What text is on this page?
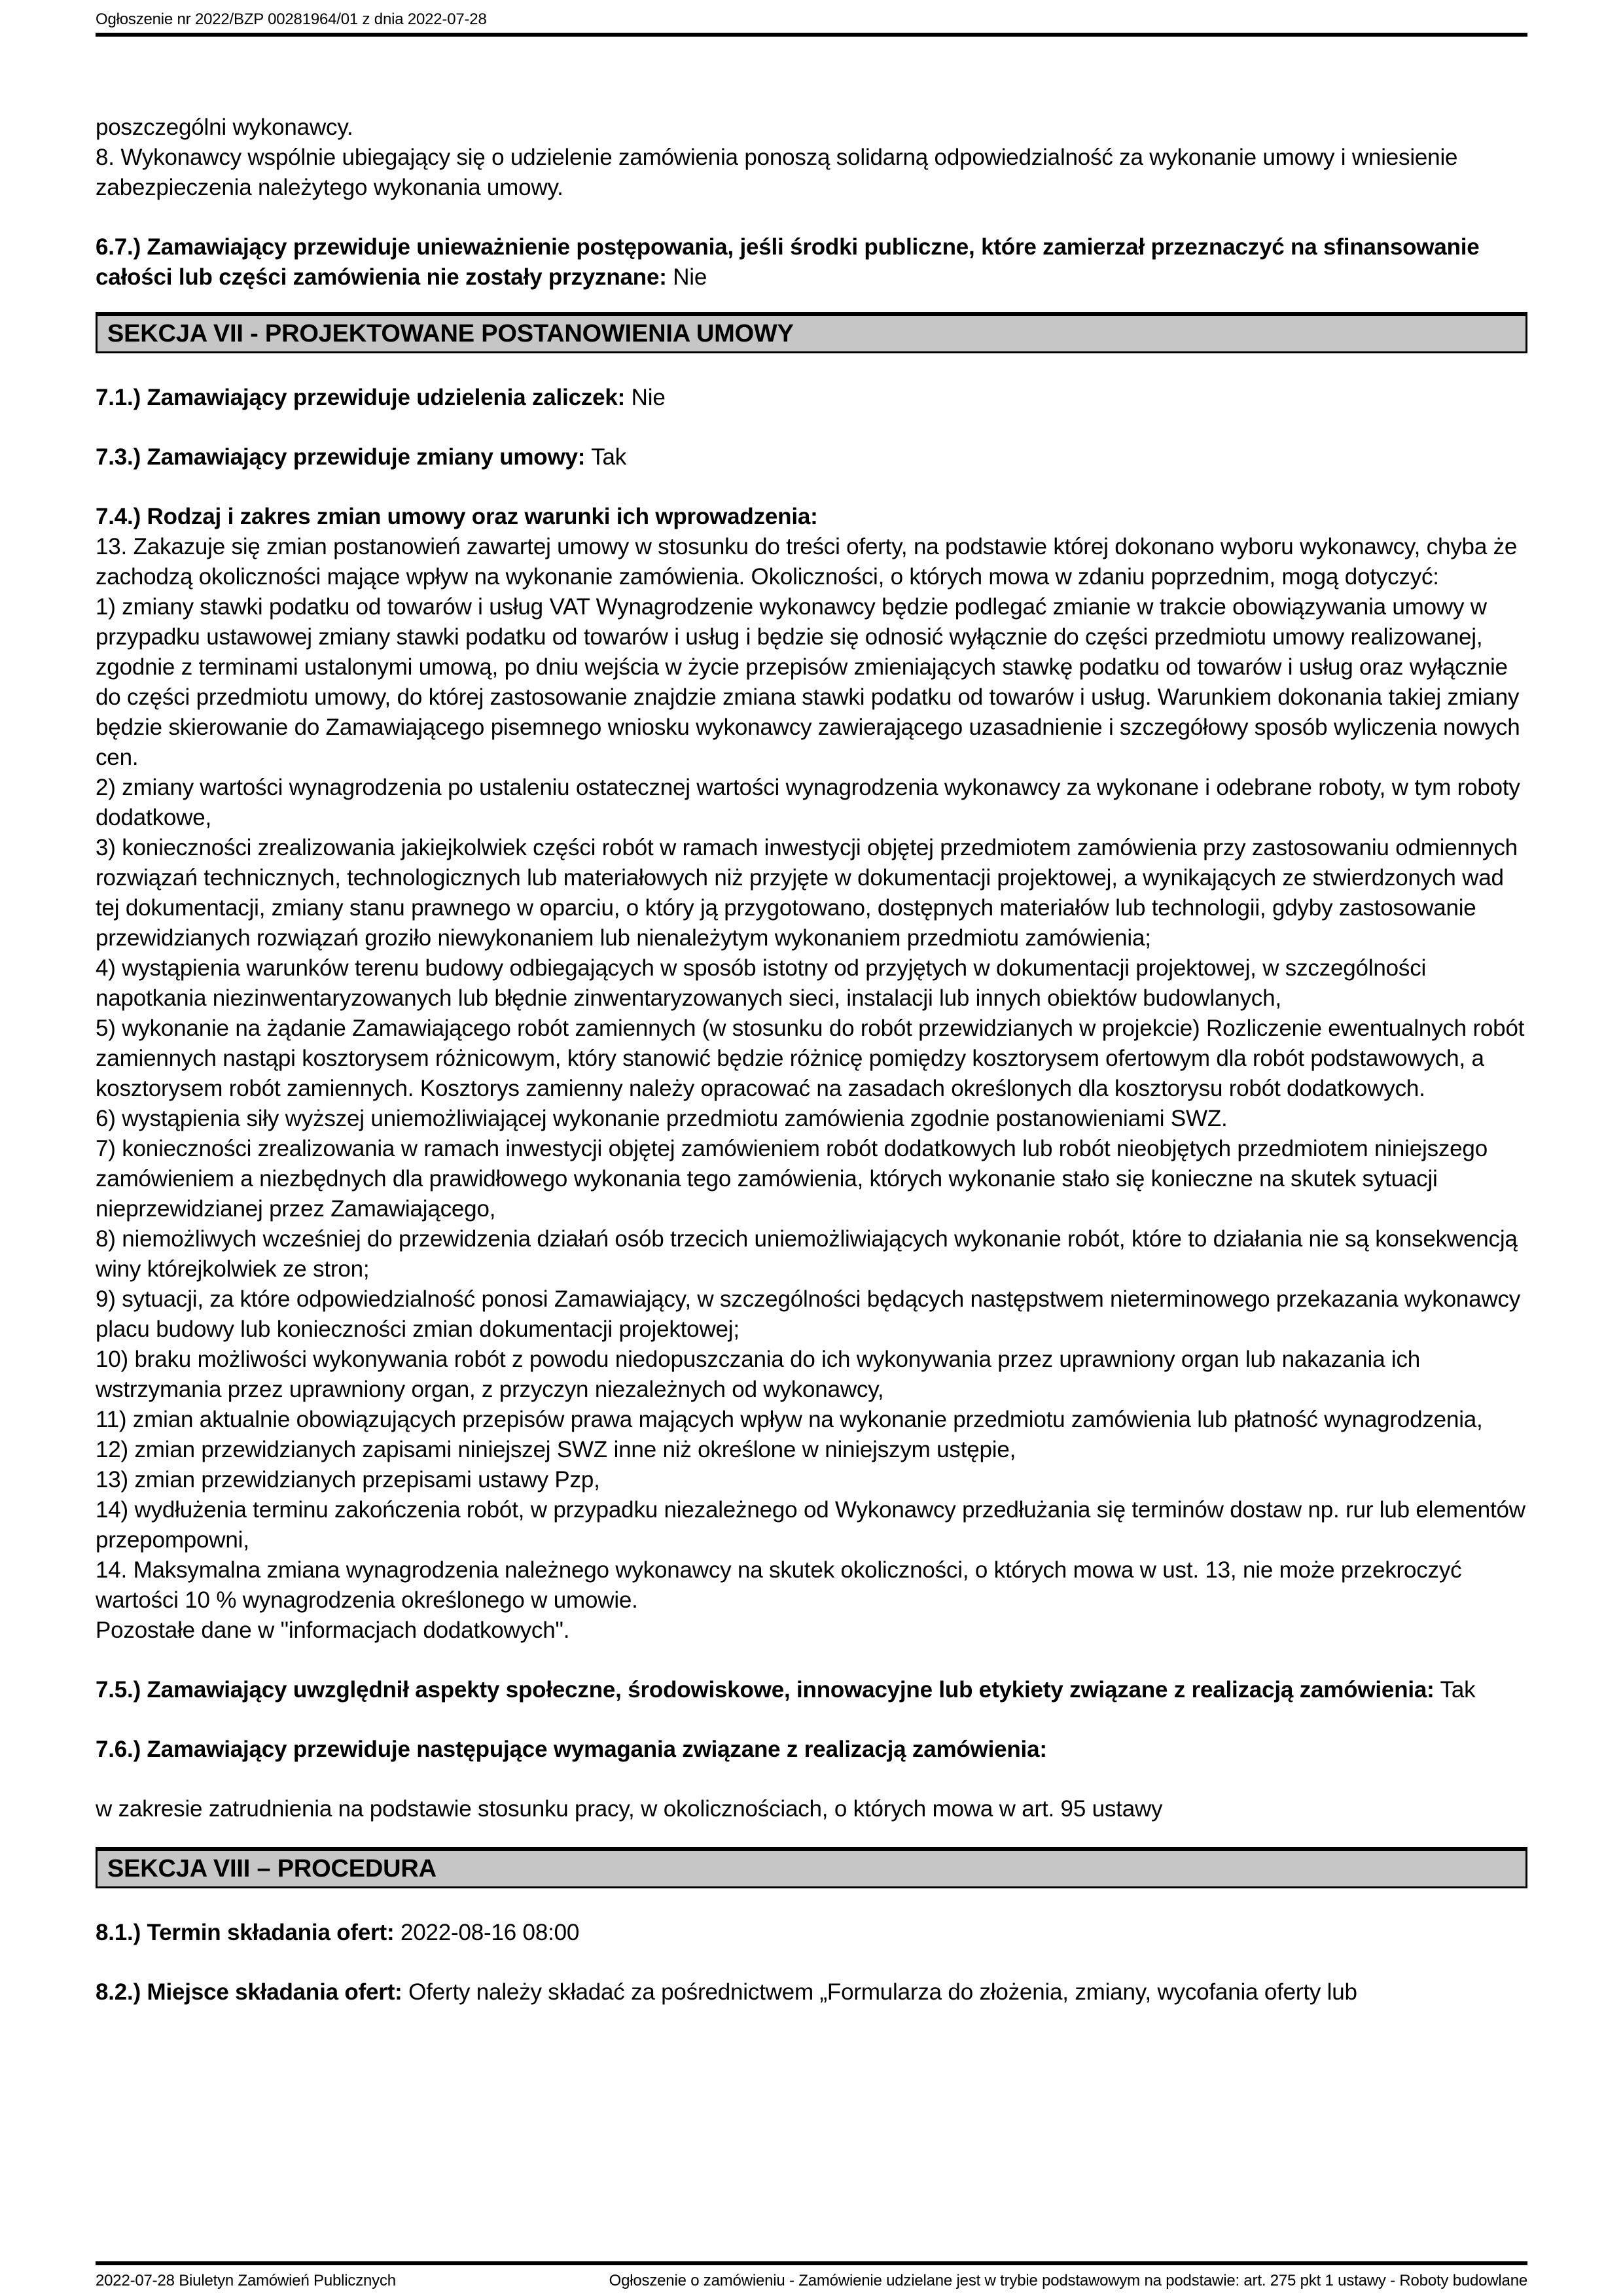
Ogłoszenie nr 2022/BZP 00281964/01 z dnia 2022-07-28

poszczególni wykonawcy.

8. Wykonawcy wspólnie ubiegający się o udzielenie zamówienia ponoszą solidarną odpowiedzialność za wykonanie umowy i wniesienie zabezpieczenia należytego wykonania umowy.

6.7.) Zamawiający przewiduje unieważnienie postępowania, jeśli środki publiczne, które zamierzał przeznaczyć na sfinansowanie całości lub części zamówienia nie zostały przyznane: Nie

SEKCJA VII - PROJEKTOWANE POSTANOWIENIA UMOWY

7.1.) Zamawiający przewiduje udzielenia zaliczek: Nie

7.3.) Zamawiający przewiduje zmiany umowy: Tak

7.4.) Rodzaj i zakres zmian umowy oraz warunki ich wprowadzenia:
13. Zakazuje się zmian postanowień zawartej umowy w stosunku do treści oferty, na podstawie której dokonano wyboru wykonawcy, chyba że zachodzą okoliczności mające wpływ na wykonanie zamówienia. Okoliczności, o których mowa w zdaniu poprzednim, mogą dotyczyć:
1) zmiany stawki podatku od towarów i usług VAT Wynagrodzenie wykonawcy będzie podlegać zmianie w trakcie obowiązywania umowy w przypadku ustawowej zmiany stawki podatku od towarów i usług i będzie się odnosić wyłącznie do części przedmiotu umowy realizowanej, zgodnie z terminami ustalonymi umową, po dniu wejścia w życie przepisów zmieniających stawkę podatku od towarów i usług oraz wyłącznie do części przedmiotu umowy, do której zastosowanie znajdzie zmiana stawki podatku od towarów i usług. Warunkiem dokonania takiej zmiany będzie skierowanie do Zamawiającego pisemnego wniosku wykonawcy zawierającego uzasadnienie i szczegółowy sposób wyliczenia nowych cen.
2) zmiany wartości wynagrodzenia po ustaleniu ostatecznej wartości wynagrodzenia wykonawcy za wykonane i odebrane roboty, w tym roboty dodatkowe,
3) konieczności zrealizowania jakiejkolwiek części robót w ramach inwestycji objętej przedmiotem zamówienia przy zastosowaniu odmiennych rozwiązań technicznych, technologicznych lub materiałowych niż przyjęte w dokumentacji projektowej, a wynikających ze stwierdzonych wad tej dokumentacji, zmiany stanu prawnego w oparciu, o który ją przygotowano, dostępnych materiałów lub technologii, gdyby zastosowanie przewidzianych rozwiązań groziło niewykonaniem lub nienależytym wykonaniem przedmiotu zamówienia;
4) wystąpienia warunków terenu budowy odbiegających w sposób istotny od przyjętych w dokumentacji projektowej, w szczególności napotkania niezinwentaryzowanych lub błędnie zinwentaryzowanych sieci, instalacji lub innych obiektów budowlanych,
5) wykonanie na żądanie Zamawiającego robót zamiennych (w stosunku do robót przewidzianych w projekcie) Rozliczenie ewentualnych robót zamiennych nastąpi kosztorysem różnicowym, który stanowić będzie różnicę pomiędzy kosztorysem ofertowym dla robót podstawowych, a kosztorysem robót zamiennych. Kosztorys zamienny należy opracować na zasadach określonych dla kosztorysu robót dodatkowych.
6) wystąpienia siły wyższej uniemożliwiającej wykonanie przedmiotu zamówienia zgodnie postanowieniami SWZ.
7) konieczności zrealizowania w ramach inwestycji objętej zamówieniem robót dodatkowych lub robót nieobjętych przedmiotem niniejszego zamówieniem a niezbędnych dla prawidłowego wykonania tego zamówienia, których wykonanie stało się konieczne na skutek sytuacji nieprzewidzianej przez Zamawiającego,
8) niemożliwych wcześniej do przewidzenia działań osób trzecich uniemożliwiających wykonanie robót, które to działania nie są konsekwencją winy którejkolwiek ze stron;
9) sytuacji, za które odpowiedzialność ponosi Zamawiający, w szczególności będących następstwem nieterminowego przekazania wykonawcy placu budowy lub konieczności zmian dokumentacji projektowej;
10) braku możliwości wykonywania robót z powodu niedopuszczania do ich wykonywania przez uprawniony organ lub nakazania ich wstrzymania przez uprawniony organ, z przyczyn niezależnych od wykonawcy,
11) zmian aktualnie obowiązujących przepisów prawa mających wpływ na wykonanie przedmiotu zamówienia lub płatność wynagrodzenia,
12) zmian przewidzianych zapisami niniejszej SWZ inne niż określone w niniejszym ustępie,
13) zmian przewidzianych przepisami ustawy Pzp,
14) wydłużenia terminu zakończenia robót, w przypadku niezależnego od Wykonawcy przedłużania się terminów dostaw np. rur lub elementów przepompowni,
14. Maksymalna zmiana wynagrodzenia należnego wykonawcy na skutek okoliczności, o których mowa w ust. 13, nie może przekroczyć wartości 10 % wynagrodzenia określonego w umowie.
Pozostałe dane w "informacjach dodatkowych".

7.5.) Zamawiający uwzględnił aspekty społeczne, środowiskowe, innowacyjne lub etykiety związane z realizacją zamówienia: Tak

7.6.) Zamawiający przewiduje następujące wymagania związane z realizacją zamówienia:

w zakresie zatrudnienia na podstawie stosunku pracy, w okolicznościach, o których mowa w art. 95 ustawy

SEKCJA VIII – PROCEDURA

8.1.) Termin składania ofert: 2022-08-16 08:00

8.2.) Miejsce składania ofert: Oferty należy składać za pośrednictwem „Formularza do złożenia, zmiany, wycofania oferty lub

2022-07-28 Biuletyn Zamówień Publicznych	Ogłoszenie o zamówieniu - Zamówienie udzielane jest w trybie podstawowym na podstawie: art. 275 pkt 1 ustawy - Roboty budowlane
